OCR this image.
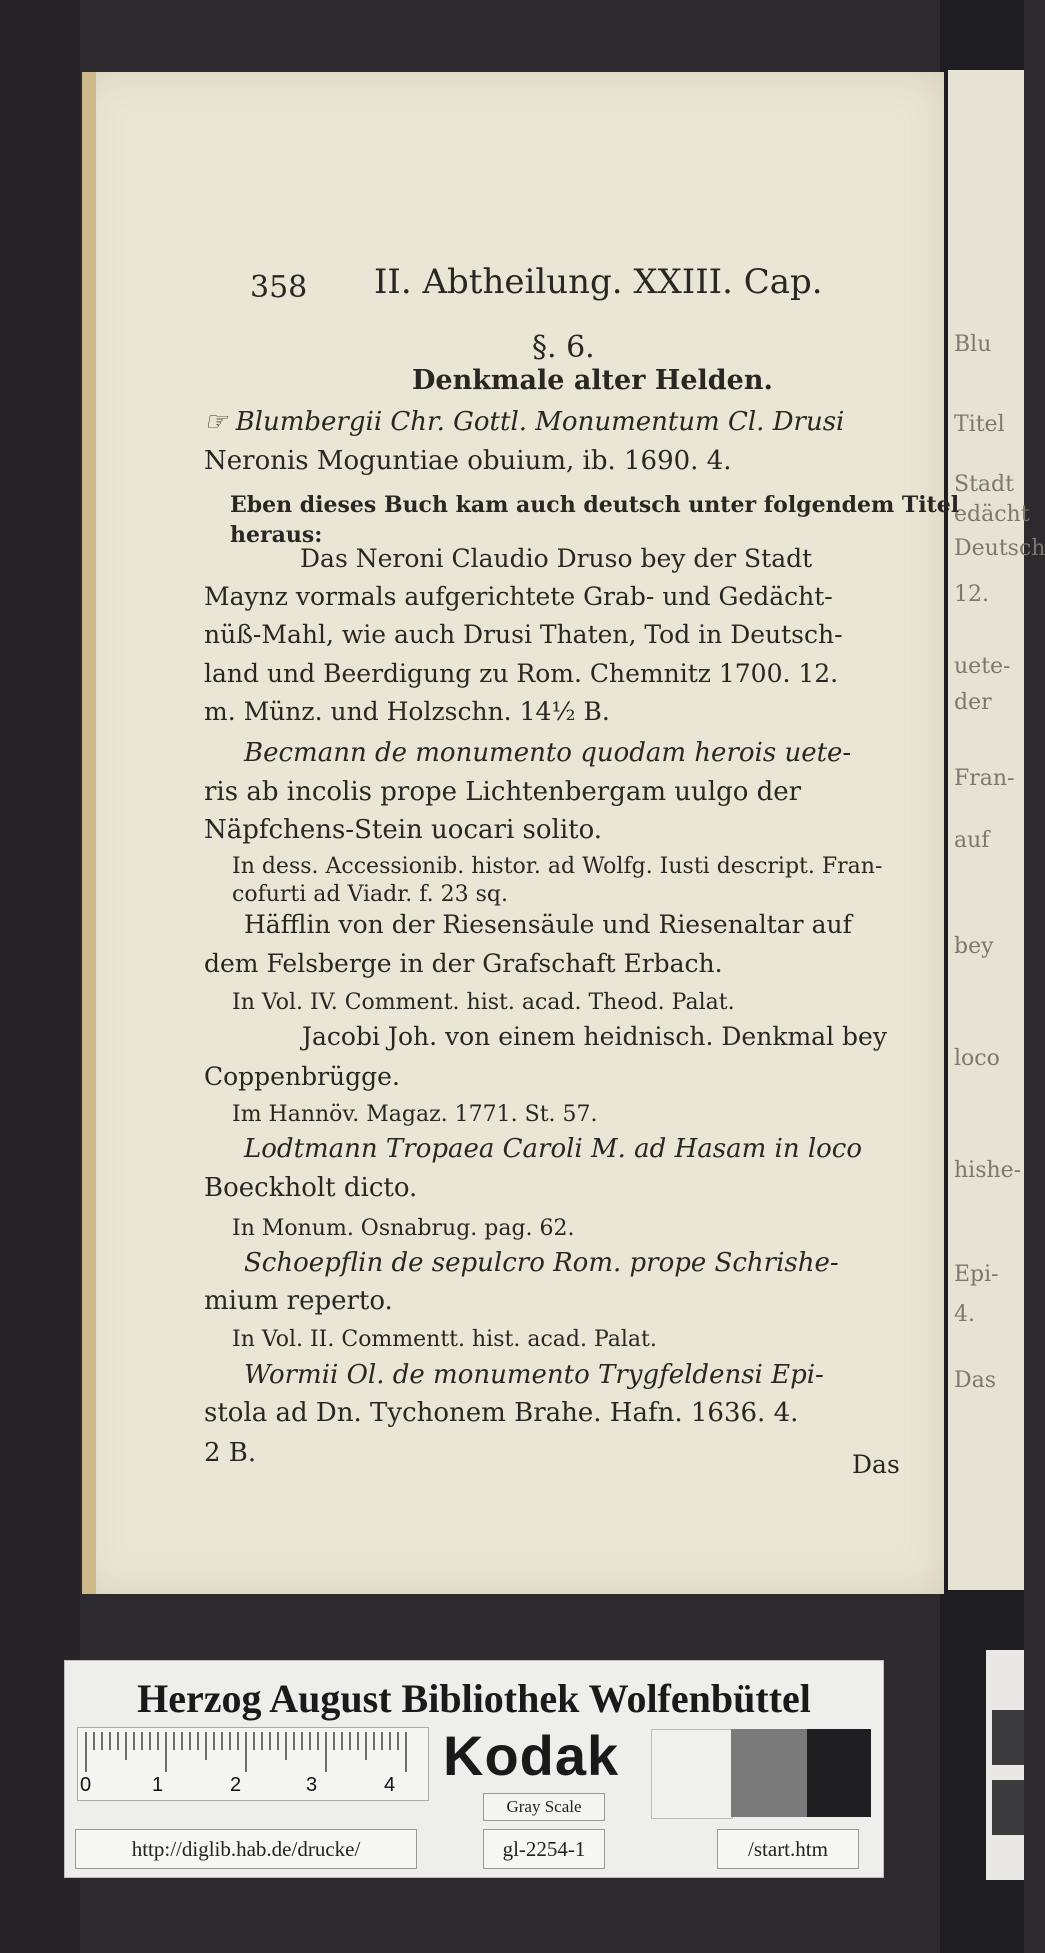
Blu
Titel
Stadt
edächt
Deutsch
12.
uete-
der
Fran-
auf
bey
loco
hishe-
Epi-
4.
Das
358 II. Abtheilung. XXIII. Cap.
§. 6.
Denkmale alter Helden.
☞ Blumbergii Chr. Gottl. Monumentum Cl. Drusi
Neronis Moguntiae obuium, ib. 1690. 4.
Eben dieses Buch kam auch deutsch unter folgendem Titel
heraus:
Das Neroni Claudio Druso bey der Stadt
Maynz vormals aufgerichtete Grab- und Gedächt-
nüß-Mahl, wie auch Drusi Thaten, Tod in Deutsch-
land und Beerdigung zu Rom. Chemnitz 1700. 12.
m. Münz. und Holzschn. 14½ B.
Becmann de monumento quodam herois uete-
ris ab incolis prope Lichtenbergam uulgo der
Näpfchens-Stein uocari solito.
In dess. Accessionib. histor. ad Wolfg. Iusti descript. Fran-
cofurti ad Viadr. f. 23 sq.
Häfflin von der Riesensäule und Riesenaltar auf
dem Felsberge in der Grafschaft Erbach.
In Vol. IV. Comment. hist. acad. Theod. Palat.
Jacobi Joh. von einem heidnisch. Denkmal bey
Coppenbrügge.
Im Hannöv. Magaz. 1771. St. 57.
Lodtmann Tropaea Caroli M. ad Hasam in loco
Boeckholt dicto.
In Monum. Osnabrug. pag. 62.
Schoepflin de sepulcro Rom. prope Schrishe-
mium reperto.
In Vol. II. Commentt. hist. acad. Palat.
Wormii Ol. de monumento Trygfeldensi Epi-
stola ad Dn. Tychonem Brahe. Hafn. 1636. 4.
2 B.	Das
Herzog August Bibliothek Wolfenbüttel
0	1	2	3	4 Kodak
Gray Scale
http://diglib.hab.de/drucke/	gl-2254-1	/start.htm
